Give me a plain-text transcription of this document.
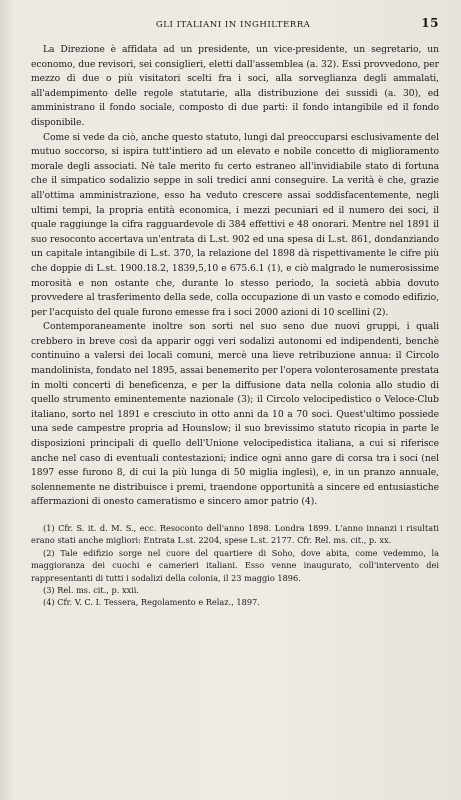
GLI ITALIANI IN INGHILTERRA	15

La Direzione è affidata ad un presidente, un vice-presidente, un segretario, un economo, due revisori, sei consiglieri, eletti dall'assemblea (a. 32). Essi provvedono, per mezzo di due o più visitatori scelti fra i soci, alla sorveglianza degli ammalati, all'adempimento delle regole statutarie, alla distribuzione dei sussidi (a. 30), ed amministrano il fondo sociale, composto di due parti: il fondo intangibile ed il fondo disponibile.

Come si vede da ciò, anche questo statuto, lungi dal preoccuparsi esclusivamente del mutuo soccorso, si ispira tutt'intiero ad un elevato e nobile concetto di miglioramento morale degli associati. Nè tale merito fu certo estraneo all'invidiabile stato di fortuna che il simpatico sodalizio seppe in soli tredici anni conseguire. La verità è che, grazie all'ottima amministrazione, esso ha veduto crescere assai soddisfacentemente, negli ultimi tempi, la propria entità economica, i mezzi pecuniari ed il numero dei soci, il quale raggiunge la cifra ragguardevole di 384 effettivi e 48 onorari. Mentre nel 1891 il suo resoconto accertava un'entrata di L.st. 902 ed una spesa di L.st. 861, dondanziando un capitale intangibile di L.st. 370, la relazione del 1898 dà rispettivamente le cifre più che doppie di L.st. 1900.18.2, 1839,5,10 e 675.6.1 (1), e ciò malgrado le numerosissime morosità e non ostante che, durante lo stesso periodo, la società abbia dovuto provvedere al trasferimento della sede, colla occupazione di un vasto e comodo edifizio, per l'acquisto del quale furono emesse fra i soci 2000 azioni di 10 scellini (2).

Contemporaneamente inoltre son sorti nel suo seno due nuovi gruppi, i quali crebbero in breve così da apparir oggi veri sodalizi autonomi ed indipendenti, benchè continuino a valersi dei locali comuni, mercè una lieve retribuzione annua: il Circolo mandolinista, fondato nel 1895, assai benemerito per l'opera volonterosamente prestata in molti concerti di beneficenza, e per la diffusione data nella colonia allo studio di quello strumento eminentemente nazionale (3); il Circolo velocipedistico o Veloce-Club italiano, sorto nel 1891 e cresciuto in otto anni da 10 a 70 soci. Quest'ultimo possiede una sede campestre propria ad Hounslow; il suo brevissimo statuto ricopia in parte le disposizioni principali di quello dell'Unione velocipedistica italiana, a cui si riferisce anche nel caso di eventuali contestazioni; indice ogni anno gare di corsa tra i soci (nel 1897 esse furono 8, di cui la più lunga di 50 miglia inglesi), e, in un pranzo annuale, solennemente ne distribuisce i premi, traendone opportunità a sincere ed entusiastiche affermazioni di onesto cameratismo e sincero amor patrio (4).

(1) Cfr. S. it. d. M. S., ecc. Resoconto dell'anno 1898. Londra 1899. L'anno innanzi i risultati erano stati anche migliori: Entrata L.st. 2204, spese L.st. 2177. Cfr. Rel. ms. cit., p. xx.

(2) Tale edifizio sorge nel cuore del quartiere di Soho, dove abita, come vedemmo, la maggioranza dei cuochi e camerieri italiani. Esso venne inaugurato, coll'intervento dei rappresentanti di tutti i sodalizi della colonia, il 23 maggio 1896.

(3) Rel. ms. cit., p. xxii.

(4) Cfr. V. C. I. Tessera, Regolamento e Relaz., 1897.
